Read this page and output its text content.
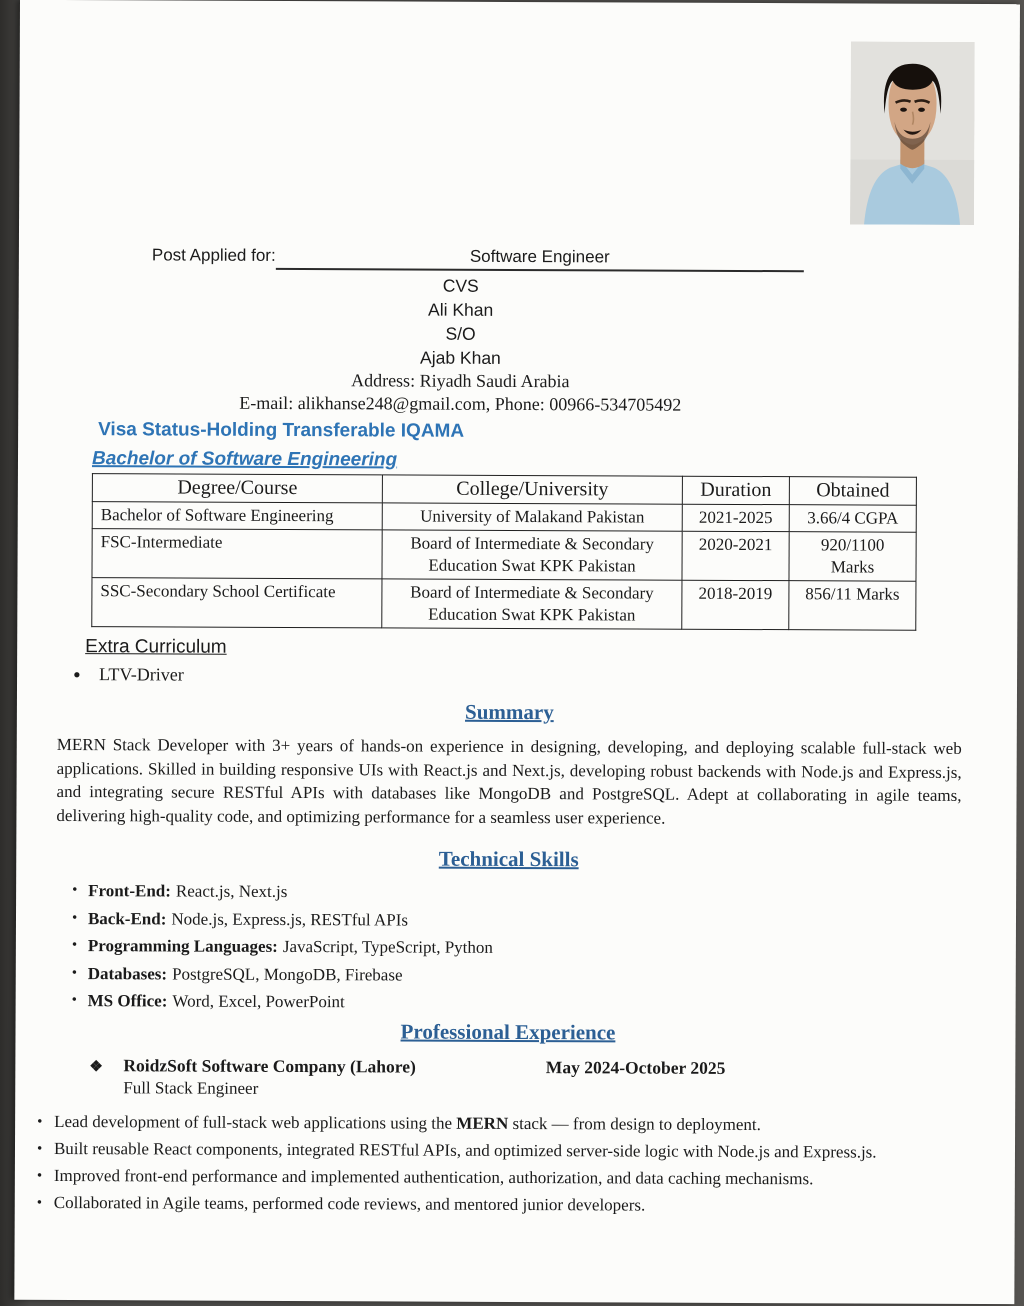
Post Applied for:	Software Engineer
CVS
Ali Khan
S/O
Ajab Khan
Address: Riyadh Saudi Arabia
E-mail: alikhanse248@gmail.com, Phone: 00966-534705492
Visa Status-Holding Transferable IQAMA
Bachelor of Software Engineering
Degree/Course	College/University	Duration	Obtained
Bachelor of Software Engineering	University of Malakand Pakistan	2021-2025	3.66/4 CGPA
FSC-Intermediate	Board of Intermediate & Secondary Education Swat KPK Pakistan	2020-2021	920/1100 Marks
SSC-Secondary School Certificate	Board of Intermediate & Secondary Education Swat KPK Pakistan	2018-2019	856/11 Marks
Extra Curriculum
• LTV-Driver
Summary

MERN Stack Developer with 3+ years of hands-on experience in designing, developing, and deploying scalable full-stack web applications. Skilled in building responsive UIs with React.js and Next.js, developing robust backends with Node.js and Express.js, and integrating secure RESTful APIs with databases like MongoDB and PostgreSQL. Adept at collaborating in agile teams, delivering high-quality code, and optimizing performance for a seamless user experience.

Technical Skills
• Front-End: React.js, Next.js
• Back-End: Node.js, Express.js, RESTful APIs
• Programming Languages: JavaScript, TypeScript, Python
• Databases: PostgreSQL, MongoDB, Firebase
• MS Office: Word, Excel, PowerPoint
Professional Experience
❖	RoidzSoft Software Company (Lahore)	May 2024-October 2025
Full Stack Engineer
• Lead development of full-stack web applications using the MERN stack — from design to deployment.
• Built reusable React components, integrated RESTful APIs, and optimized server-side logic with Node.js and Express.js.
• Improved front-end performance and implemented authentication, authorization, and data caching mechanisms.
• Collaborated in Agile teams, performed code reviews, and mentored junior developers.
